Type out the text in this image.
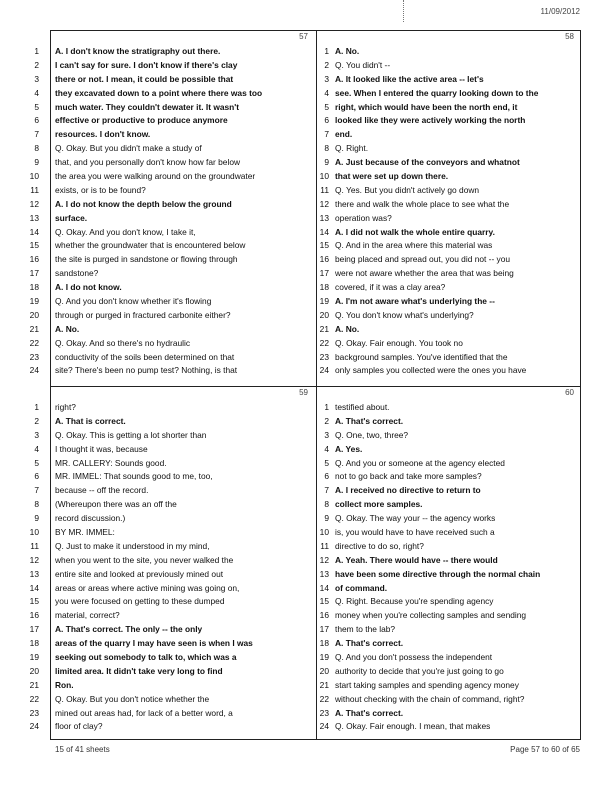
11/09/2012
57
1 A. I don't know the stratigraphy out there.
2 I can't say for sure. I don't know if there's clay
3 there or not. I mean, it could be possible that
4 they excavated down to a point where there was too
5 much water. They couldn't dewater it. It wasn't
6 effective or productive to produce anymore
7 resources. I don't know.
8 Q. Okay. But you didn't make a study of
9 that, and you personally don't know how far below
10 the area you were walking around on the groundwater
11 exists, or is to be found?
12 A. I do not know the depth below the ground
13 surface.
14 Q. Okay. And you don't know, I take it,
15 whether the groundwater that is encountered below
16 the site is purged in sandstone or flowing through
17 sandstone?
18 A. I do not know.
19 Q. And you don't know whether it's flowing
20 through or purged in fractured carbonite either?
21 A. No.
22 Q. Okay. And so there's no hydraulic
23 conductivity of the soils been determined on that
24 site? There's been no pump test? Nothing, is that
58
1 A. No.
2 Q. You didn't --
3 A. It looked like the active area -- let's
4 see. When I entered the quarry looking down to the
5 right, which would have been the north end, it
6 looked like they were actively working the north
7 end.
8 Q. Right.
9 A. Just because of the conveyors and whatnot
10 that were set up down there.
11 Q. Yes. But you didn't actively go down
12 there and walk the whole place to see what the
13 operation was?
14 A. I did not walk the whole entire quarry.
15 Q. And in the area where this material was
16 being placed and spread out, you did not -- you
17 were not aware whether the area that was being
18 covered, if it was a clay area?
19 A. I'm not aware what's underlying the --
20 Q. You don't know what's underlying?
21 A. No.
22 Q. Okay. Fair enough. You took no
23 background samples. You've identified that the
24 only samples you collected were the ones you have
59
1 right?
2 A. That is correct.
3 Q. Okay. This is getting a lot shorter than
4 I thought it was, because
5 MR. CALLERY: Sounds good.
6 MR. IMMEL: That sounds good to me, too,
7 because -- off the record.
8 (Whereupon there was an off the
9 record discussion.)
10 BY MR. IMMEL:
11 Q. Just to make it understood in my mind,
12 when you went to the site, you never walked the
13 entire site and looked at previously mined out
14 areas or areas where active mining was going on,
15 you were focused on getting to these dumped
16 material, correct?
17 A. That's correct. The only -- the only
18 areas of the quarry I may have seen is when I was
19 seeking out somebody to talk to, which was a
20 limited area. It didn't take very long to find
21 Ron.
22 Q. Okay. But you don't notice whether the
23 mined out areas had, for lack of a better word, a
24 floor of clay?
60
1 testified about.
2 A. That's correct.
3 Q. One, two, three?
4 A. Yes.
5 Q. And you or someone at the agency elected
6 not to go back and take more samples?
7 A. I received no directive to return to
8 collect more samples.
9 Q. Okay. The way your -- the agency works
10 is, you would have to have received such a
11 directive to do so, right?
12 A. Yeah. There would have -- there would
13 have been some directive through the normal chain
14 of command.
15 Q. Right. Because you're spending agency
16 money when you're collecting samples and sending
17 them to the lab?
18 A. That's correct.
19 Q. And you don't possess the independent
20 authority to decide that you're just going to go
21 start taking samples and spending agency money
22 without checking with the chain of command, right?
23 A. That's correct.
24 Q. Okay. Fair enough. I mean, that makes
15 of 41 sheets	Page 57 to 60 of 65
